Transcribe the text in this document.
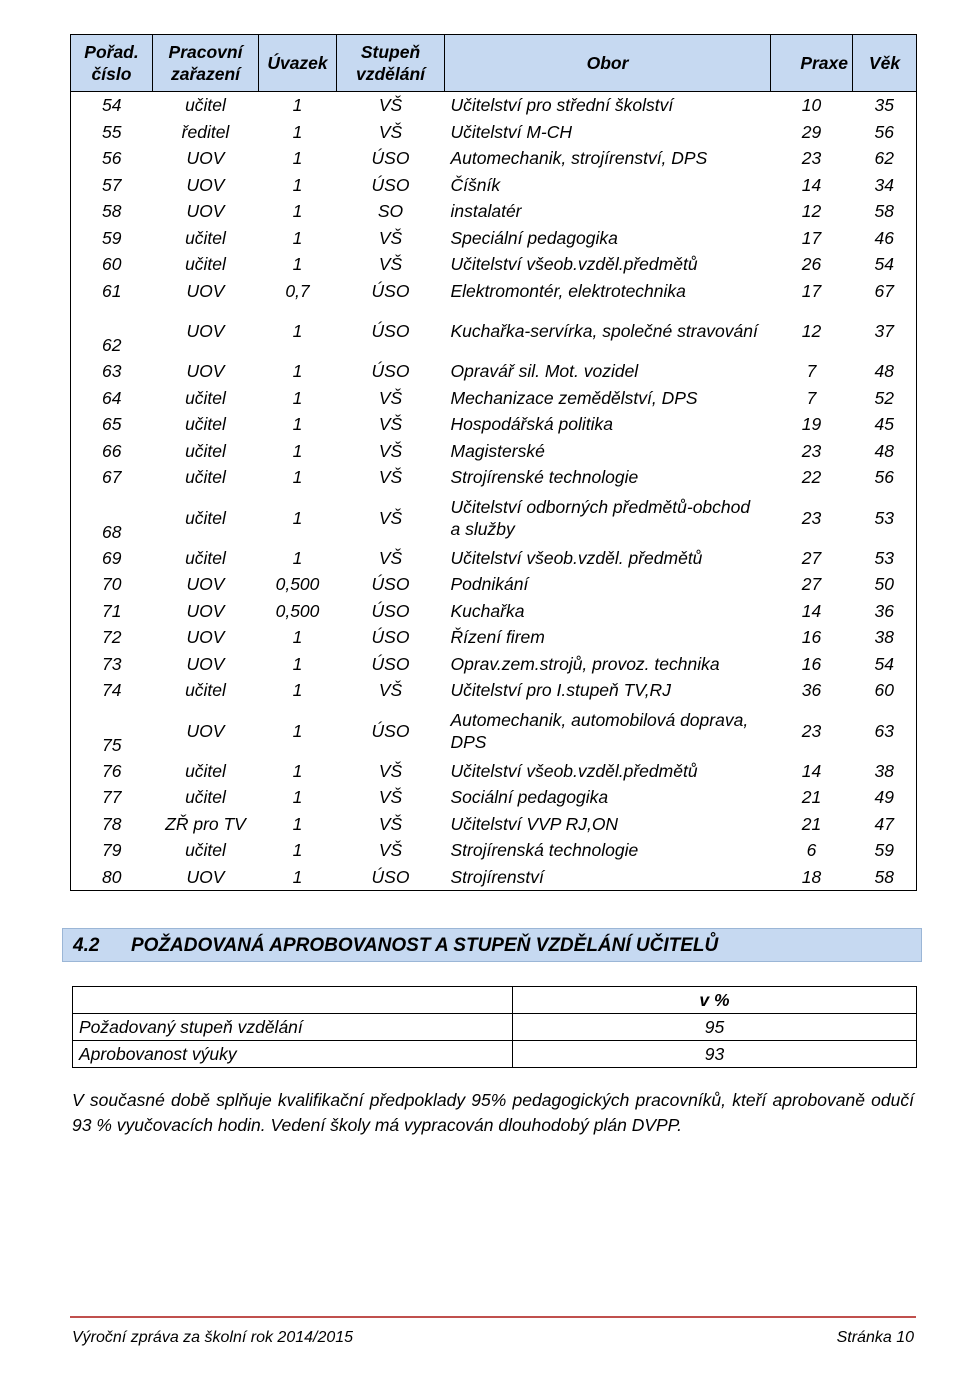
Pořad. číslo	Pracovní zařazení	Úvazek	Stupeň vzdělání	Obor	Praxe	Věk
54	učitel	1	VŠ	Učitelství pro střední školství	10	35
55	ředitel	1	VŠ	Učitelství M-CH	29	56
56	UOV	1	ÚSO	Automechanik, strojírenství, DPS	23	62
57	UOV	1	ÚSO	Číšník	14	34
58	UOV	1	SO	instalatér	12	58
59	učitel	1	VŠ	Speciální pedagogika	17	46
60	učitel	1	VŠ	Učitelství všeob.vzděl.předmětů	26	54
61	UOV	0,7	ÚSO	Elektromontér, elektrotechnika	17	67
62	UOV	1	ÚSO	Kuchařka-servírka, společné stravování	12	37
63	UOV	1	ÚSO	Opravář sil. Mot. vozidel	7	48
64	učitel	1	VŠ	Mechanizace zemědělství, DPS	7	52
65	učitel	1	VŠ	Hospodářská politika	19	45
66	učitel	1	VŠ	Magisterské	23	48
67	učitel	1	VŠ	Strojírenské technologie	22	56
68	učitel	1	VŠ	Učitelství odborných předmětů-obchod a služby	23	53
69	učitel	1	VŠ	Učitelství všeob.vzděl. předmětů	27	53
70	UOV	0,500	ÚSO	Podnikání	27	50
71	UOV	0,500	ÚSO	Kuchařka	14	36
72	UOV	1	ÚSO	Řízení firem	16	38
73	UOV	1	ÚSO	Oprav.zem.strojů, provoz. technika	16	54
74	učitel	1	VŠ	Učitelství pro I.stupeň TV,RJ	36	60
75	UOV	1	ÚSO	Automechanik, automobilová doprava, DPS	23	63
76	učitel	1	VŠ	Učitelství všeob.vzděl.předmětů	14	38
77	učitel	1	VŠ	Sociální pedagogika	21	49
78	ZŘ pro TV	1	VŠ	Učitelství VVP RJ,ON	21	47
79	učitel	1	VŠ	Strojírenská technologie	6	59
80	UOV	1	ÚSO	Strojírenství	18	58
4.2 POŽADOVANÁ APROBOVANOST A STUPEŇ VZDĚLÁNÍ UČITELŮ
	v %
Požadovaný stupeň vzdělání	95
Aprobovanost výuky	93
V současné době splňuje kvalifikační předpoklady 95% pedagogických pracovníků, kteří aprobovaně odučí 93 % vyučovacích hodin. Vedení školy má vypracován dlouhodobý plán DVPP.
Výroční zpráva za školní rok 2014/2015	Stránka 10
